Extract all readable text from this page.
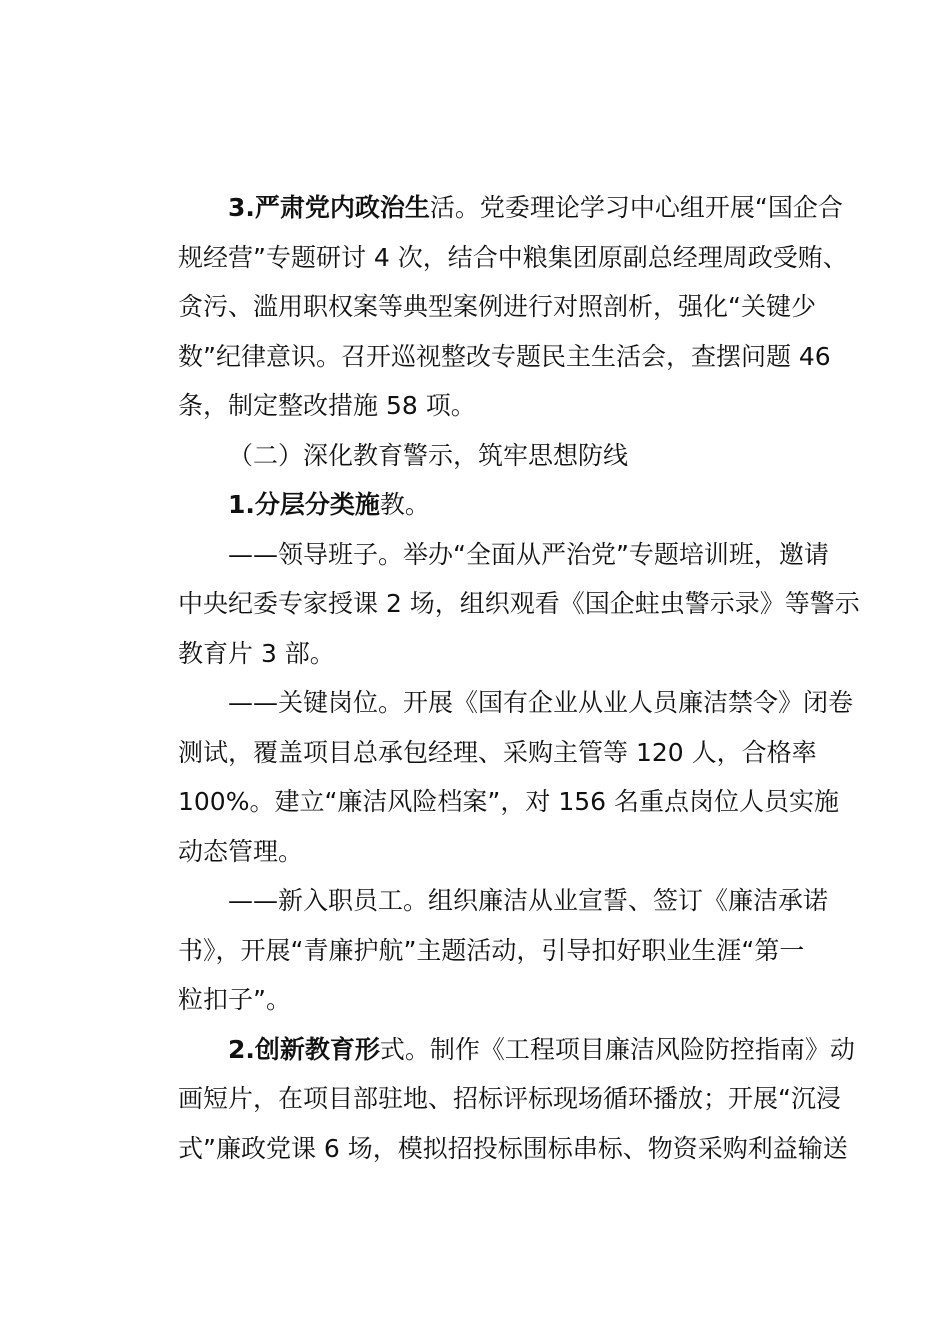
3.严肃党内政治生活。党委理论学习中心组开展“国企合
规经营”专题研讨 4 次，结合中粮集团原副总经理周政受贿、
贪污、滥用职权案等典型案例进行对照剖析，强化“关键少
数”纪律意识。召开巡视整改专题民主生活会，查摆问题 46
条，制定整改措施 58 项。
（二）深化教育警示，筑牢思想防线
1.分层分类施教。
——领导班子。举办“全面从严治党”专题培训班，邀请
中央纪委专家授课 2 场，组织观看《国企蛀虫警示录》等警示
教育片 3 部。
——关键岗位。开展《国有企业从业人员廉洁禁令》闭卷
测试，覆盖项目总承包经理、采购主管等 120 人，合格率
100%。建立“廉洁风险档案”，对 156 名重点岗位人员实施
动态管理。
——新入职员工。组织廉洁从业宣誓、签订《廉洁承诺
书》，开展“青廉护航”主题活动，引导扣好职业生涯“第一
粒扣子”。
2.创新教育形式。制作《工程项目廉洁风险防控指南》动
画短片，在项目部驻地、招标评标现场循环播放；开展“沉浸
式”廉政党课 6 场，模拟招投标围标串标、物资采购利益输送
